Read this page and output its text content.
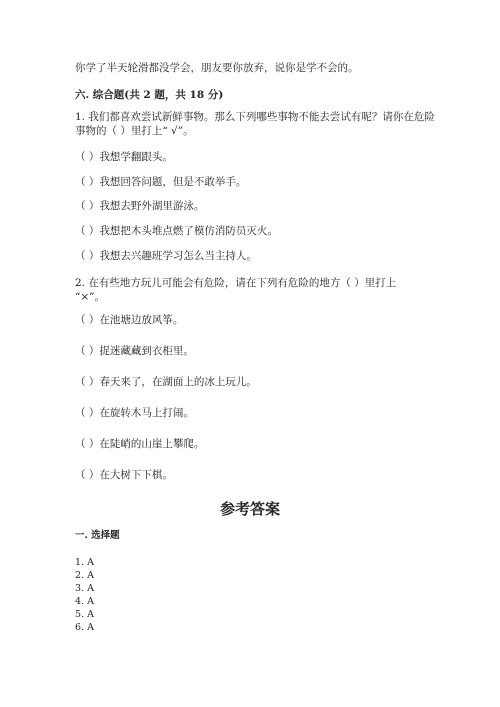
你学了半天轮滑都没学会，朋友要你放弃，说你是学不会的。
六. 综合题(共 2 题，共 18 分)
1. 我们都喜欢尝试新鲜事物。那么下列哪些事物不能去尝试有呢？请你在危险
事物的（ ）里打上“ √”。
（ ）我想学翻跟头。
（ ）我想回答问题，但是不敢举手。
（ ）我想去野外湖里游泳。
（ ）我想把木头堆点燃了模仿消防员灭火。
（ ）我想去兴趣班学习怎么当主持人。
2. 在有些地方玩儿可能会有危险，请在下列有危险的地方（ ）里打上
“×”。
（ ）在池塘边放风筝。
（ ）捉迷藏藏到衣柜里。
（ ）春天来了，在湖面上的冰上玩儿。
（ ）在旋转木马上打闹。
（ ）在陡峭的山崖上攀爬。
（ ）在大树下下棋。
参考答案
一. 选择题
1. A
2. A
3. A
4. A
5. A
6. A
